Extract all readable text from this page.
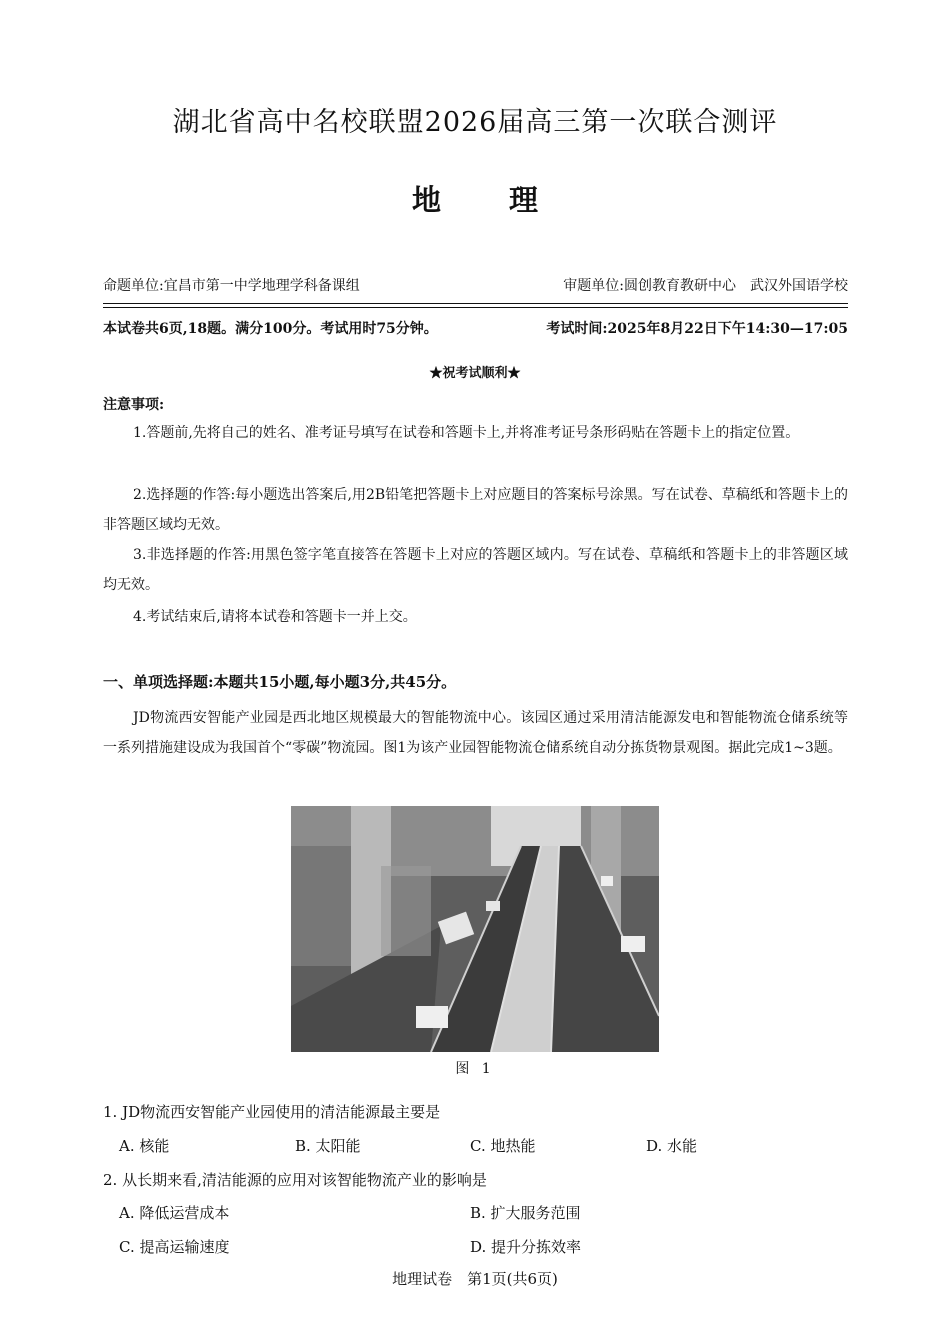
湖北省高中名校联盟2026届高三第一次联合测评
地 理
命题单位:宜昌市第一中学地理学科备课组	审题单位:圆创教育教研中心　武汉外国语学校
本试卷共6页,18题。满分100分。考试用时75分钟。	考试时间:2025年8月22日下午14:30—17:05
★祝考试顺利★
注意事项:
1.答题前,先将自己的姓名、准考证号填写在试卷和答题卡上,并将准考证号条形码贴在答题卡上的指定位置。
2.选择题的作答:每小题选出答案后,用2B铅笔把答题卡上对应题目的答案标号涂黑。写在试卷、草稿纸和答题卡上的非答题区域均无效。
3.非选择题的作答:用黑色签字笔直接答在答题卡上对应的答题区域内。写在试卷、草稿纸和答题卡上的非答题区域均无效。
4.考试结束后,请将本试卷和答题卡一并上交。
一、单项选择题:本题共15小题,每小题3分,共45分。
JD物流西安智能产业园是西北地区规模最大的智能物流中心。该园区通过采用清洁能源发电和智能物流仓储系统等一系列措施建设成为我国首个“零碳”物流园。图1为该产业园智能物流仓储系统自动分拣货物景观图。据此完成1~3题。
图 1
1. JD物流西安智能产业园使用的清洁能源最主要是
A. 核能	B. 太阳能	C. 地热能	D. 水能
2. 从长期来看,清洁能源的应用对该智能物流产业的影响是
A. 降低运营成本	B. 扩大服务范围
C. 提高运输速度	D. 提升分拣效率
地理试卷　第1页(共6页)
